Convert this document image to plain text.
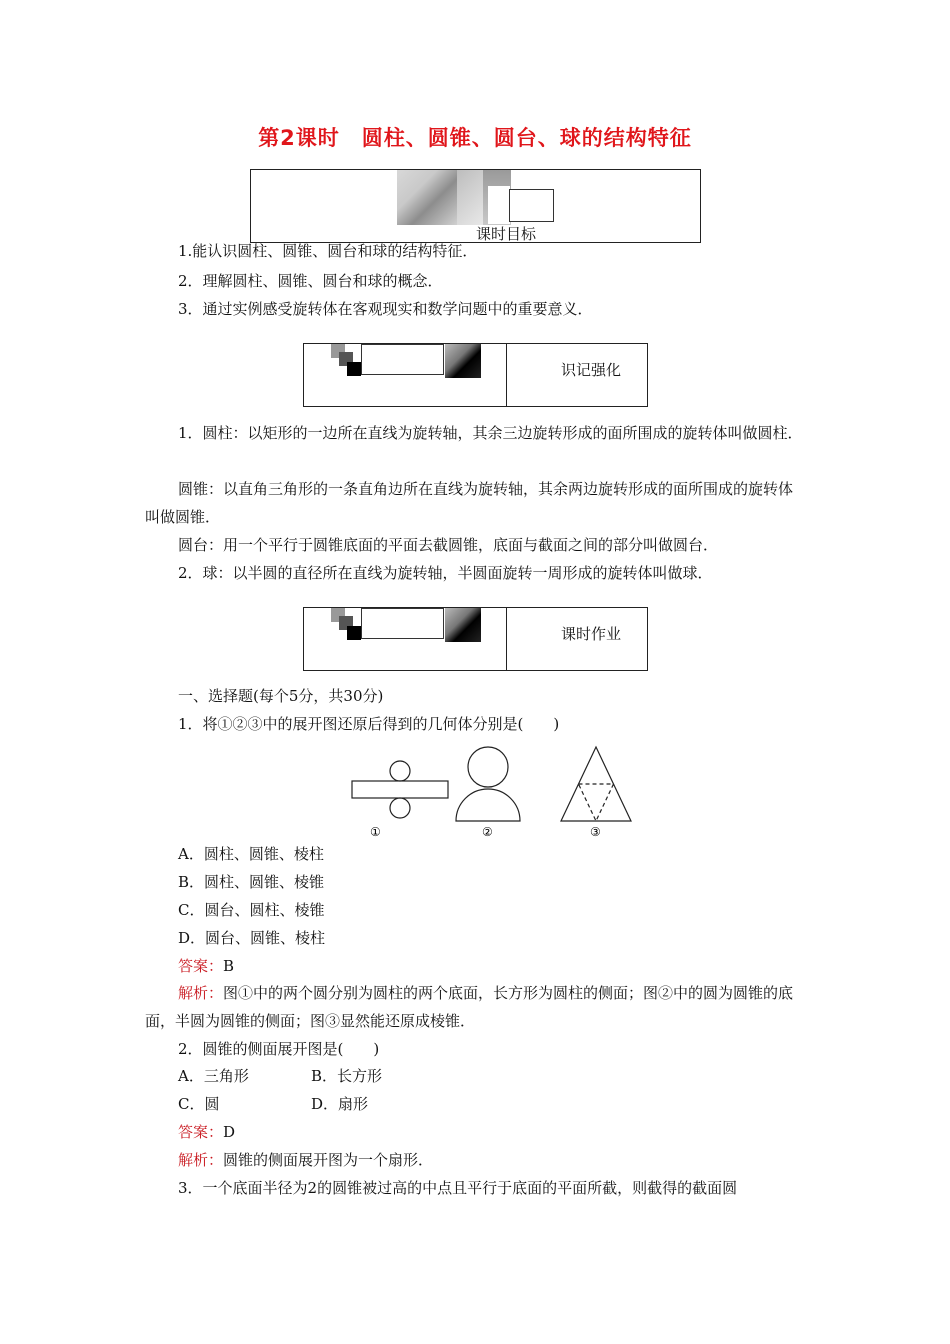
第2课时　圆柱、圆锥、圆台、球的结构特征
课时目标
1.能认识圆柱、圆锥、圆台和球的结构特征．
2．理解圆柱、圆锥、圆台和球的概念．
3．通过实例感受旋转体在客观现实和数学问题中的重要意义．
识记强化
1．圆柱：以矩形的一边所在直线为旋转轴，其余三边旋转形成的面所围成的旋转体叫做圆柱．
圆锥：以直角三角形的一条直角边所在直线为旋转轴，其余两边旋转形成的面所围成的旋转体叫做圆锥．
圆台：用一个平行于圆锥底面的平面去截圆锥，底面与截面之间的部分叫做圆台．
2．球：以半圆的直径所在直线为旋转轴，半圆面旋转一周形成的旋转体叫做球．
课时作业
一、选择题(每个5分，共30分)
1．将①②③中的展开图还原后得到的几何体分别是(　　)
①	②	③
A．圆柱、圆锥、棱柱
B．圆柱、圆锥、棱锥
C．圆台、圆柱、棱锥
D．圆台、圆锥、棱柱
答案：B
解析：图①中的两个圆分别为圆柱的两个底面，长方形为圆柱的侧面；图②中的圆为圆锥的底面，半圆为圆锥的侧面；图③显然能还原成棱锥．
2．圆锥的侧面展开图是(　　)
A．三角形	B．长方形
C．圆	D．扇形
答案：D
解析：圆锥的侧面展开图为一个扇形．
3．一个底面半径为2的圆锥被过高的中点且平行于底面的平面所截，则截得的截面圆
